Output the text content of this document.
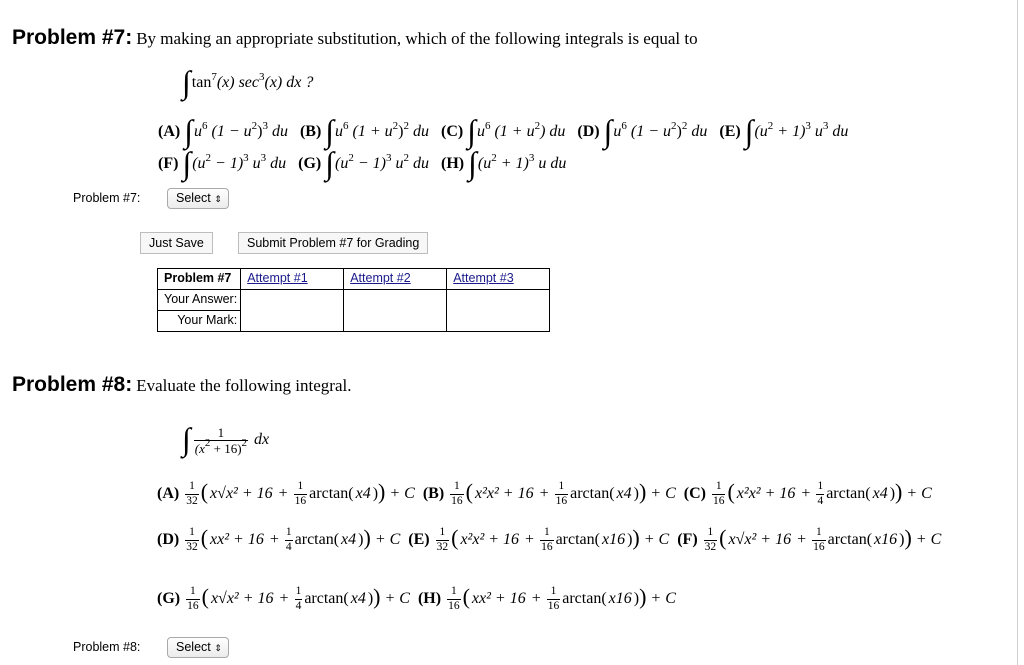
Problem #7: By making an appropriate substitution, which of the following integrals is equal to
$\int\tan^7(x)$ $\sec^3(x)$ dx ?
(A) $\int u^6$ $(1 - u^2)^3$ du (B) $\int u^6$ $(1 + u^2)^2$ du (C) $\int u^6$ $(1 + u^2)$ du (D) $\int u^6$ $(1 - u^2)^2$ du (E) $\int(u^2 + 1)^3$ $u^3$ du
(F) $\int(u^2 - 1)^3$ $u^3$ du (G) $\int(u^2 - 1)^3$ $u^2$ du (H) $\int(u^2 + 1)^3$ u du
Problem #7:	Select ⇕
Just Save	Submit Problem #7 for Grading
Problem #7	Attempt #1	Attempt #2	Attempt #3
Your Answer:			
Your Mark:			
Problem #8: Evaluate the following integral.
∫ $\frac{1}{(x^2 + 16)^2}$ dx
$(A) \frac{1}{32}$ ( $x√x^2 + 16 + \frac{1}{16} \arctan$( x4 )) + C $(B) \frac{1}{16}$ ( $x^2x^2 + 16 + \frac{1}{16} \arctan$( x4 )) + C $(C) \frac{1}{16}$ ( $x^2x^2 + 16 + \frac{1}{4} \arctan$( x4 )) + C
$(D) \frac{1}{32}$ ( $xx^2 + 16 + \frac{1}{4} \arctan$( x4 )) + C $(E) \frac{1}{32}$ ( $x^2x^2 + 16 + \frac{1}{16} \arctan$( x16 )) + C $(F) \frac{1}{32}$ ( $x√x^2 + 16 + \frac{1}{16} \arctan$( x16 )) + C
$(G) \frac{1}{16}$ ( $x√x^2 + 16 + \frac{1}{4} \arctan$( x4 )) + C $(H) \frac{1}{16}$ ( $xx^2 + 16 + \frac{1}{16} \arctan$( x16 )) + C
Problem #8:	Select ⇕
